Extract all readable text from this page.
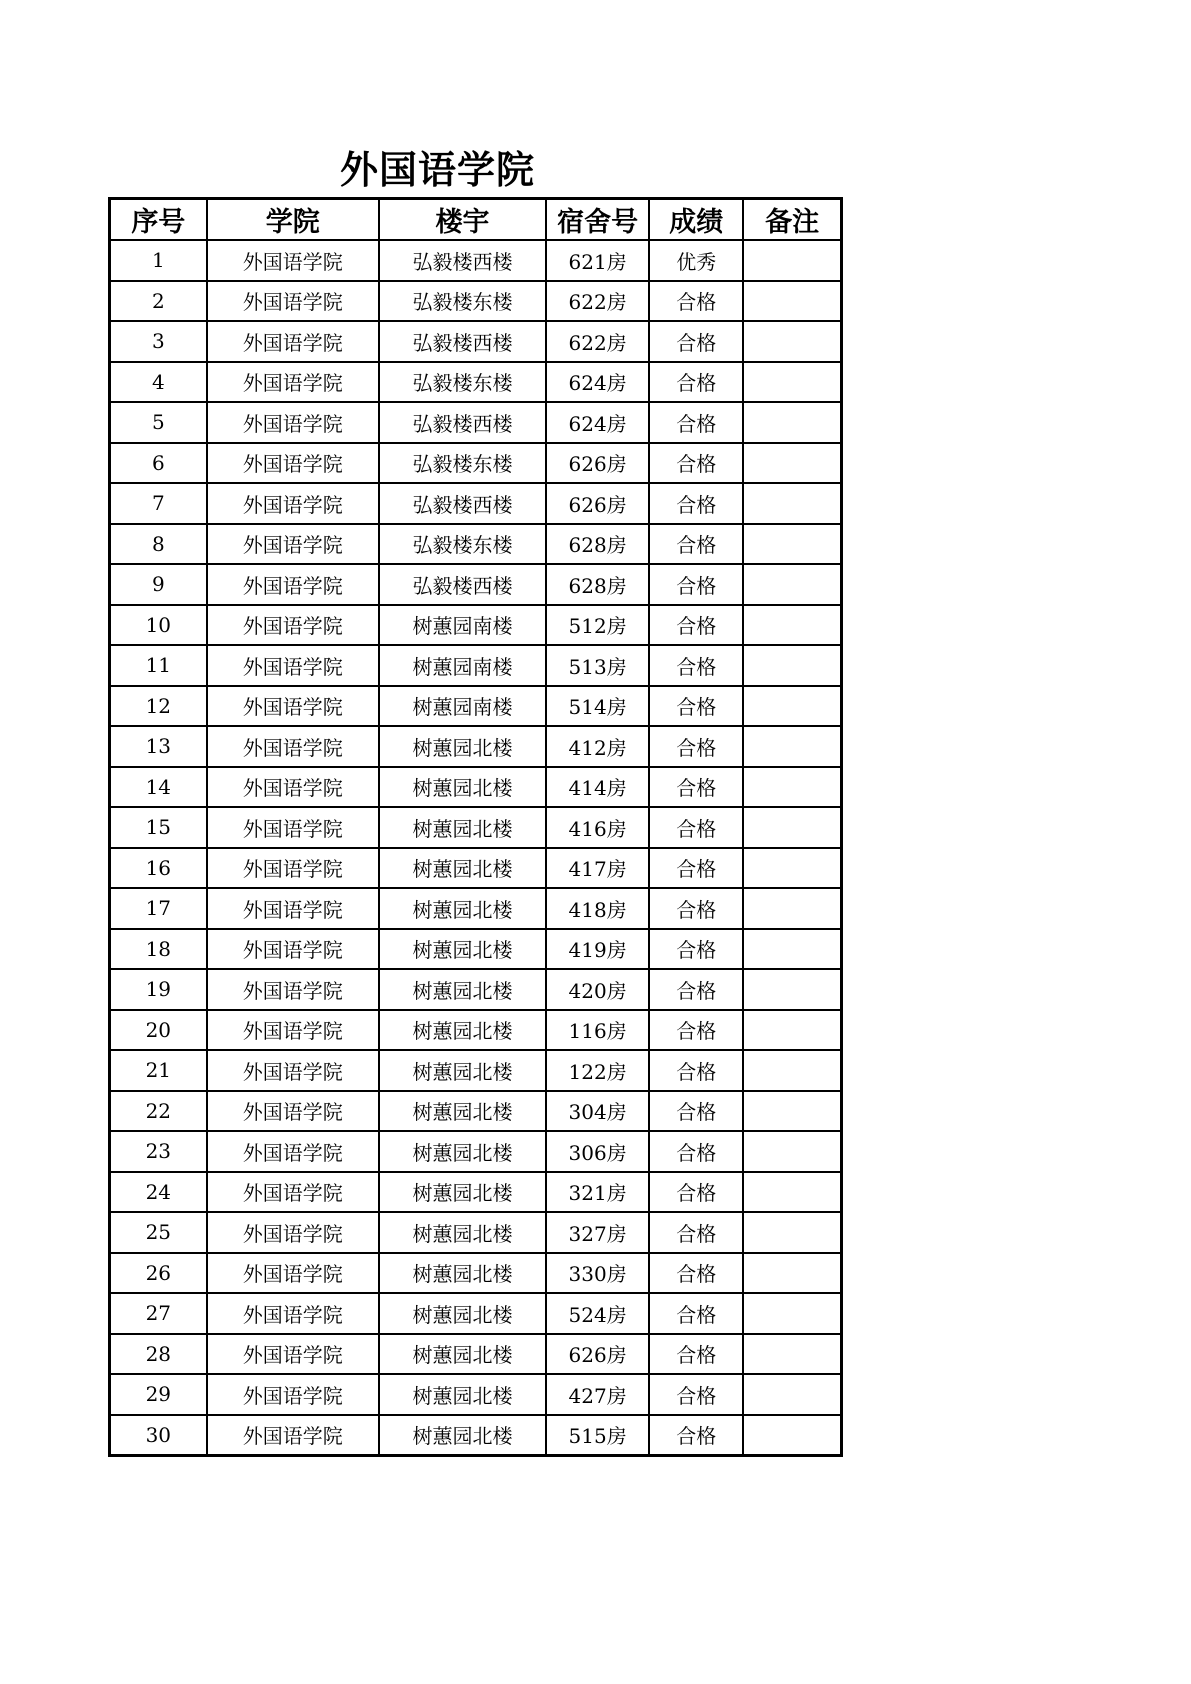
外国语学院
序号	学院	楼宇	宿舍号	成绩	备注
1	外国语学院	弘毅楼西楼	621房	优秀	
2	外国语学院	弘毅楼东楼	622房	合格	
3	外国语学院	弘毅楼西楼	622房	合格	
4	外国语学院	弘毅楼东楼	624房	合格	
5	外国语学院	弘毅楼西楼	624房	合格	
6	外国语学院	弘毅楼东楼	626房	合格	
7	外国语学院	弘毅楼西楼	626房	合格	
8	外国语学院	弘毅楼东楼	628房	合格	
9	外国语学院	弘毅楼西楼	628房	合格	
10	外国语学院	树蕙园南楼	512房	合格	
11	外国语学院	树蕙园南楼	513房	合格	
12	外国语学院	树蕙园南楼	514房	合格	
13	外国语学院	树蕙园北楼	412房	合格	
14	外国语学院	树蕙园北楼	414房	合格	
15	外国语学院	树蕙园北楼	416房	合格	
16	外国语学院	树蕙园北楼	417房	合格	
17	外国语学院	树蕙园北楼	418房	合格	
18	外国语学院	树蕙园北楼	419房	合格	
19	外国语学院	树蕙园北楼	420房	合格	
20	外国语学院	树蕙园北楼	116房	合格	
21	外国语学院	树蕙园北楼	122房	合格	
22	外国语学院	树蕙园北楼	304房	合格	
23	外国语学院	树蕙园北楼	306房	合格	
24	外国语学院	树蕙园北楼	321房	合格	
25	外国语学院	树蕙园北楼	327房	合格	
26	外国语学院	树蕙园北楼	330房	合格	
27	外国语学院	树蕙园北楼	524房	合格	
28	外国语学院	树蕙园北楼	626房	合格	
29	外国语学院	树蕙园北楼	427房	合格	
30	外国语学院	树蕙园北楼	515房	合格	
